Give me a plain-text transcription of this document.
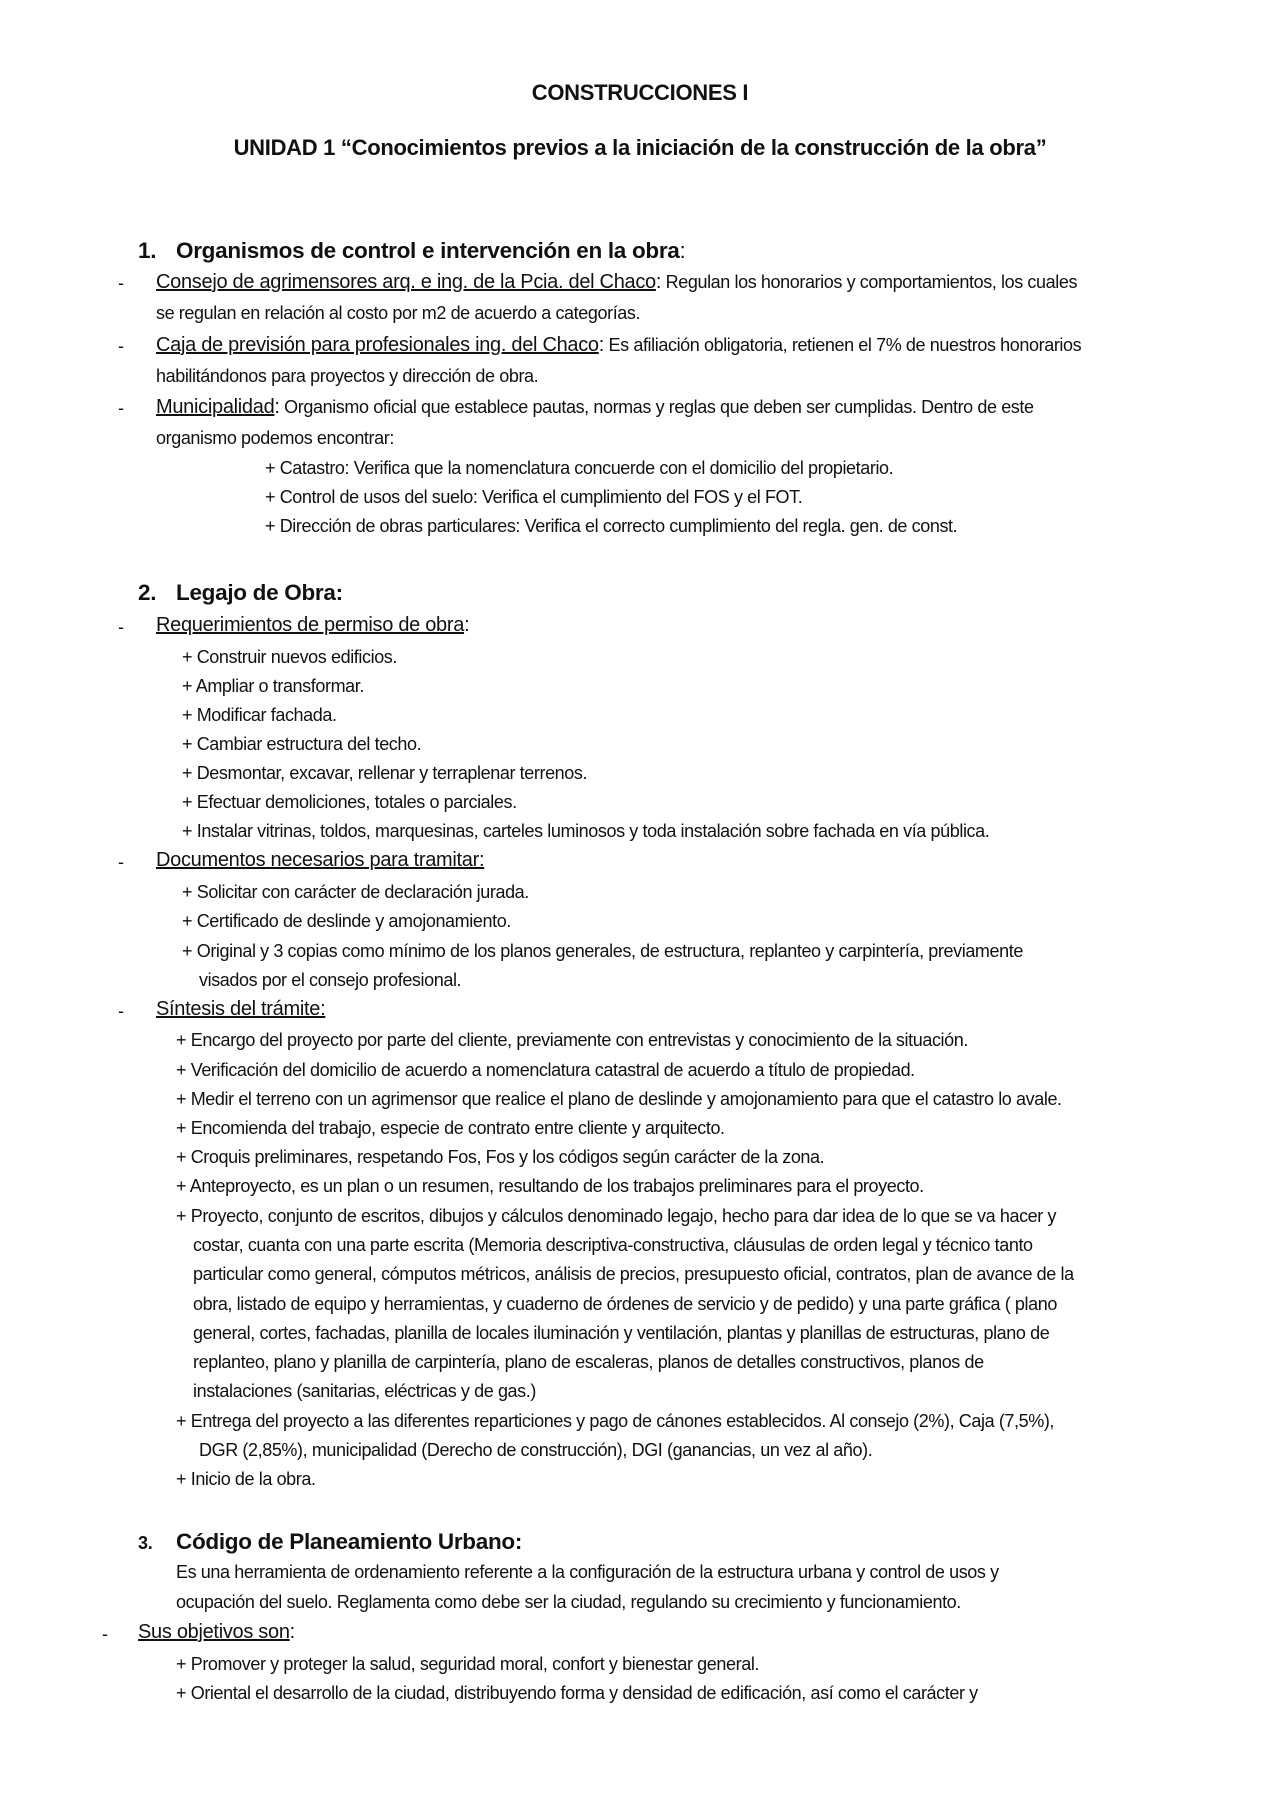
CONSTRUCCIONES I
UNIDAD 1 “Conocimientos previos a la iniciación de la construcción de la obra”
1. Organismos de control e intervención en la obra:
- Consejo de agrimensores arq. e ing. de la Pcia. del Chaco: Regulan los honorarios y comportamientos, los cuales
se regulan en relación al costo por m2 de acuerdo a categorías.
- Caja de previsión para profesionales ing. del Chaco: Es afiliación obligatoria, retienen el 7% de nuestros honorarios
habilitándonos para proyectos y dirección de obra.
- Municipalidad: Organismo oficial que establece pautas, normas y reglas que deben ser cumplidas. Dentro de este
organismo podemos encontrar:
+ Catastro: Verifica que la nomenclatura concuerde con el domicilio del propietario.
+ Control de usos del suelo: Verifica el cumplimiento del FOS y el FOT.
+ Dirección de obras particulares: Verifica el correcto cumplimiento del regla. gen. de const.
2. Legajo de Obra:
- Requerimientos de permiso de obra:
+ Construir nuevos edificios.
+ Ampliar o transformar.
+ Modificar fachada.
+ Cambiar estructura del techo.
+ Desmontar, excavar, rellenar y terraplenar terrenos.
+ Efectuar demoliciones, totales o parciales.
+ Instalar vitrinas, toldos, marquesinas, carteles luminosos y toda instalación sobre fachada en vía pública.
- Documentos necesarios para tramitar:
+ Solicitar con carácter de declaración jurada.
+ Certificado de deslinde y amojonamiento.
+ Original y 3 copias como mínimo de los planos generales, de estructura, replanteo y carpintería, previamente
visados por el consejo profesional.
- Síntesis del trámite:
+ Encargo del proyecto por parte del cliente, previamente con entrevistas y conocimiento de la situación.
+ Verificación del domicilio de acuerdo a nomenclatura catastral de acuerdo a título de propiedad.
+ Medir el terreno con un agrimensor que realice el plano de deslinde y amojonamiento para que el catastro lo avale.
+ Encomienda del trabajo, especie de contrato entre cliente y arquitecto.
+ Croquis preliminares, respetando Fos, Fos y los códigos según carácter de la zona.
+ Anteproyecto, es un plan o un resumen, resultando de los trabajos preliminares para el proyecto.
+ Proyecto, conjunto de escritos, dibujos y cálculos denominado legajo, hecho para dar idea de lo que se va hacer y
costar, cuanta con una parte escrita (Memoria descriptiva-constructiva, cláusulas de orden legal y técnico tanto
particular como general, cómputos métricos, análisis de precios, presupuesto oficial, contratos, plan de avance de la
obra, listado de equipo y herramientas, y cuaderno de órdenes de servicio y de pedido) y una parte gráfica ( plano
general, cortes, fachadas, planilla de locales iluminación y ventilación, plantas y planillas de estructuras, plano de
replanteo, plano y planilla de carpintería, plano de escaleras, planos de detalles constructivos, planos de
instalaciones (sanitarias, eléctricas y de gas.)
+ Entrega del proyecto a las diferentes reparticiones y pago de cánones establecidos. Al consejo (2%), Caja (7,5%),
DGR (2,85%), municipalidad (Derecho de construcción), DGI (ganancias, un vez al año).
+ Inicio de la obra.
3. Código de Planeamiento Urbano:
Es una herramienta de ordenamiento referente a la configuración de la estructura urbana y control de usos y
ocupación del suelo. Reglamenta como debe ser la ciudad, regulando su crecimiento y funcionamiento.
- Sus objetivos son:
+ Promover y proteger la salud, seguridad moral, confort y bienestar general.
+ Oriental el desarrollo de la ciudad, distribuyendo forma y densidad de edificación, así como el carácter y
